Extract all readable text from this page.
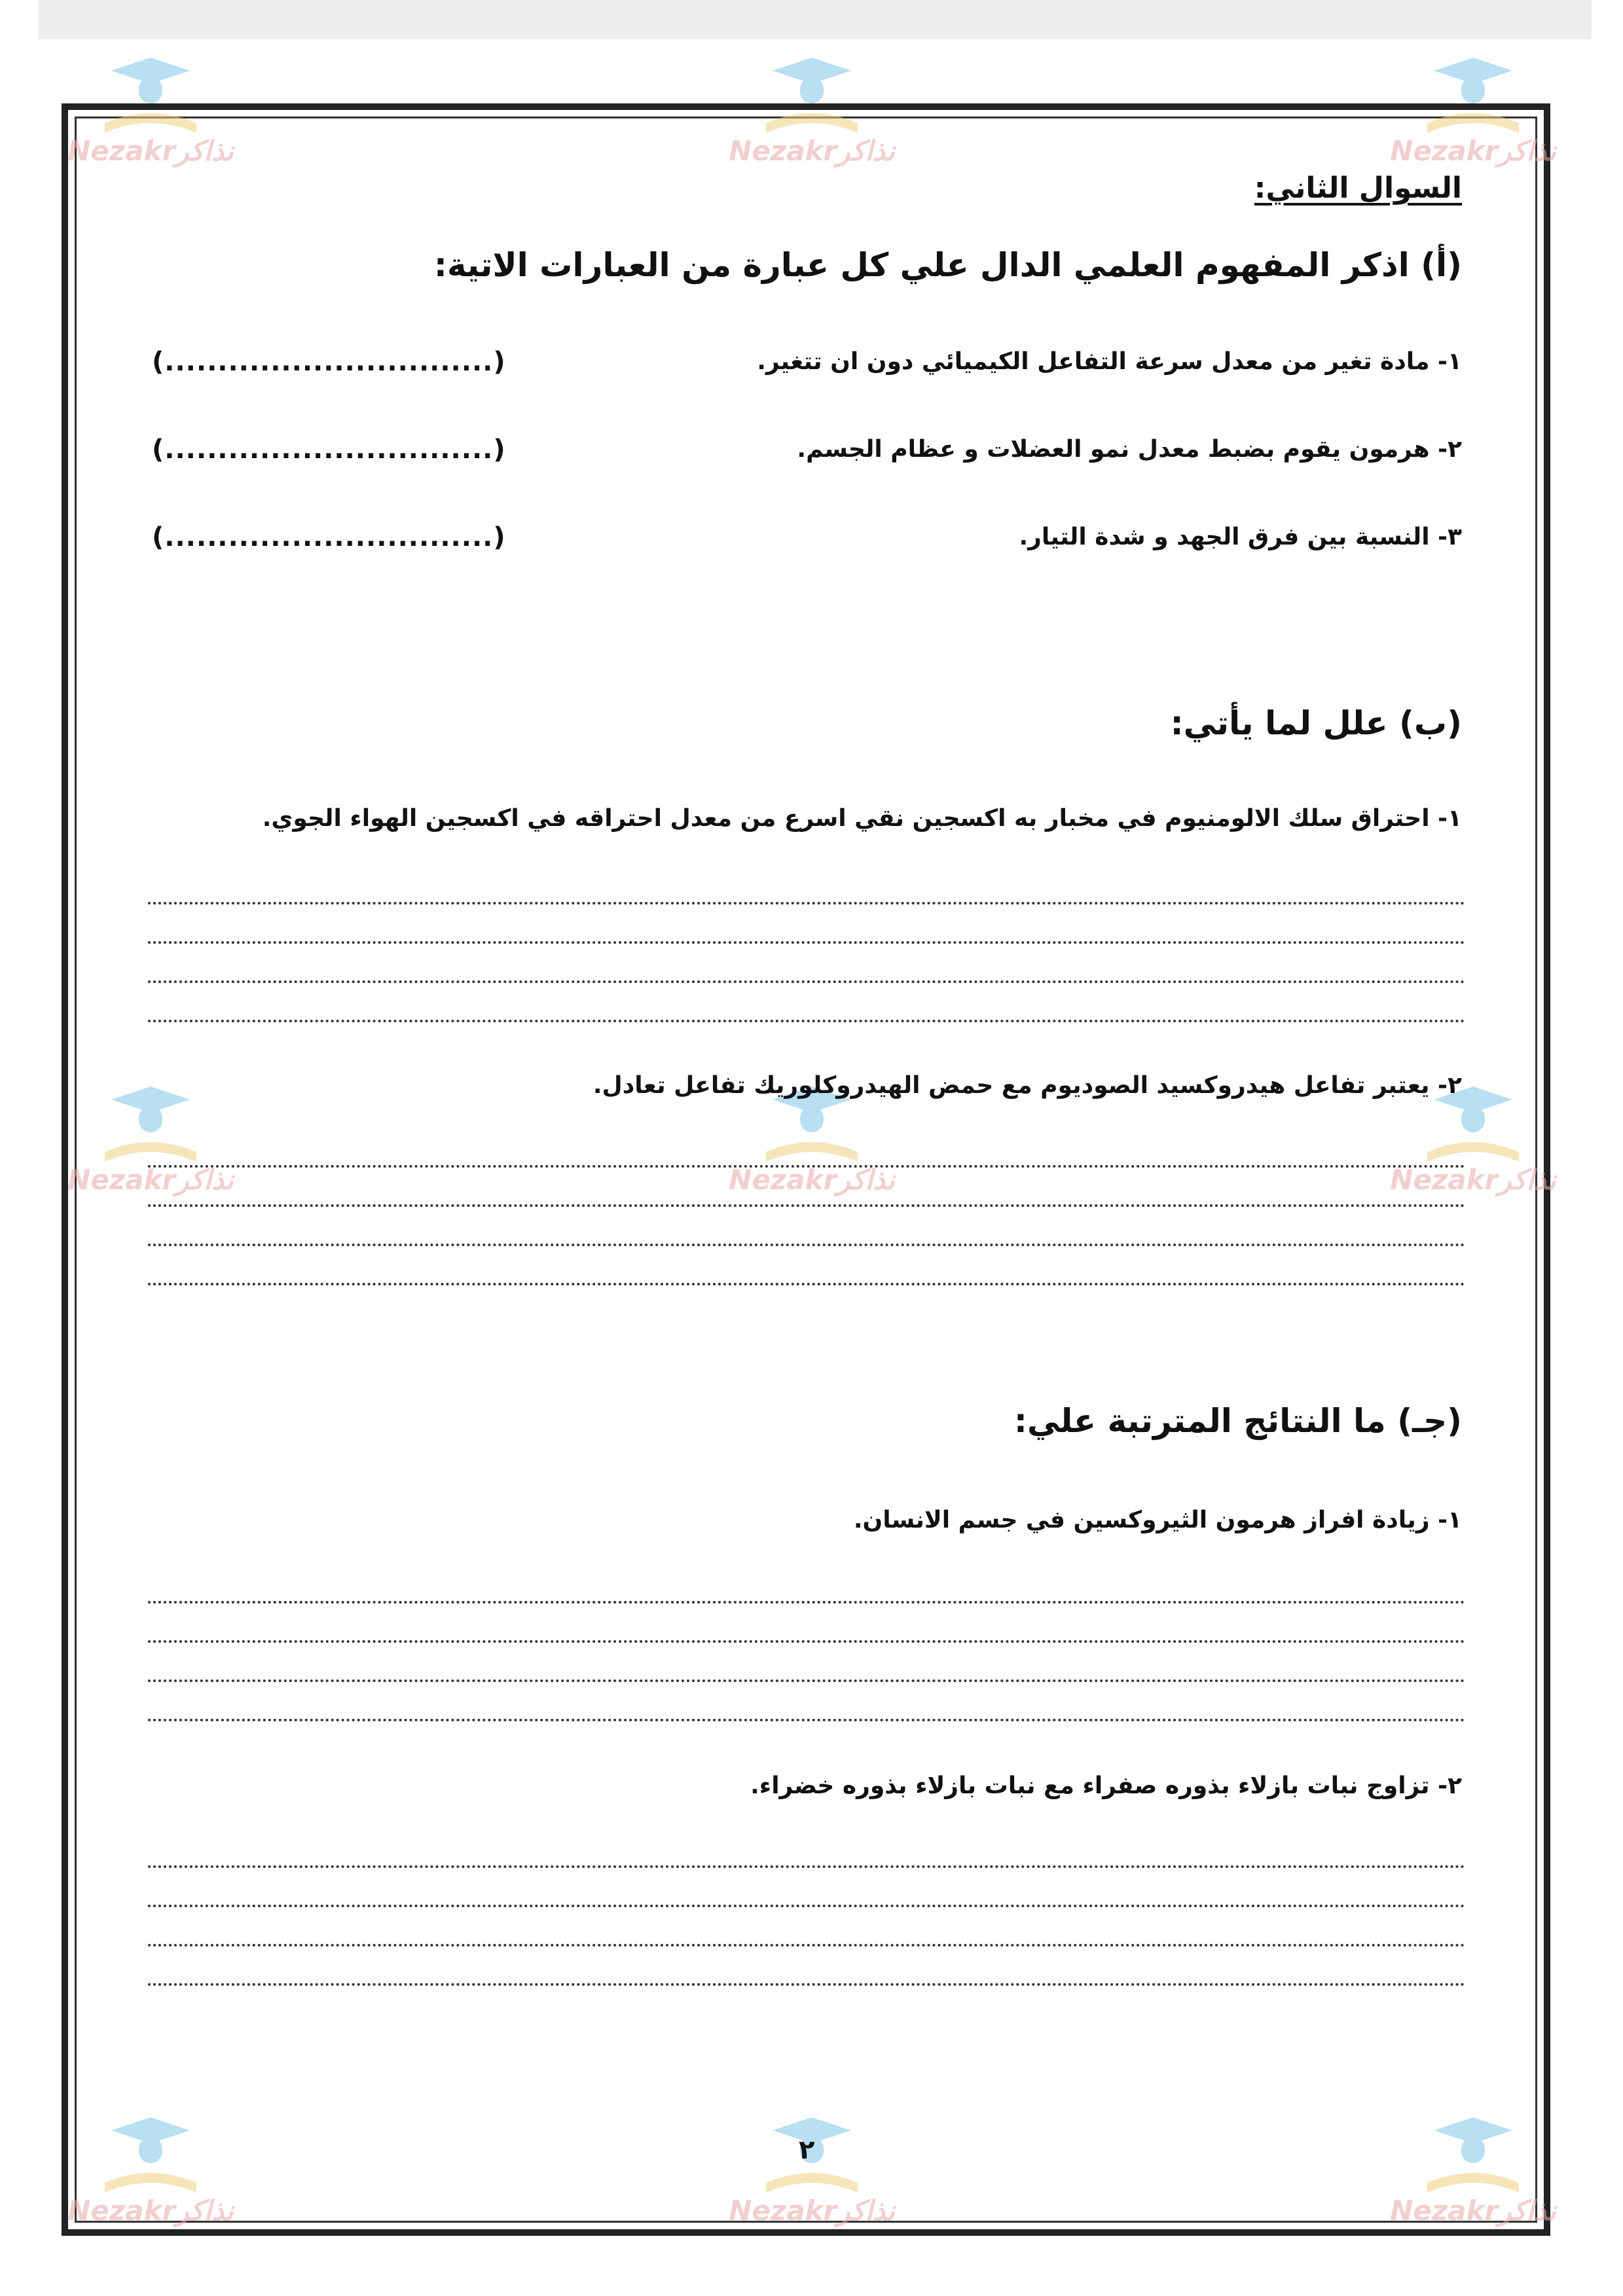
Nezakrنذاكر	Nezakrنذاكر	Nezakrنذاكر
Nezakrنذاكر	Nezakrنذاكر	Nezakrنذاكر
Nezakrنذاكر	Nezakrنذاكر	Nezakrنذاكر
السوال الثاني:
(أ) اذكر المفهوم العلمي الدال علي كل عبارة من العبارات الاتية:
١- مادة تغير من معدل سرعة التفاعل الكيميائي دون ان تتغير.
(...............................)
٢- هرمون يقوم بضبط معدل نمو العضلات و عظام الجسم.
(...............................)
٣- النسبة بين فرق الجهد و شدة التيار.
(...............................)
(ب) علل لما يأتي:
١- احتراق سلك الالومنيوم في مخبار به اكسجين نقي اسرع من معدل احتراقه في اكسجين الهواء الجوي.
٢- يعتبر تفاعل هيدروكسيد الصوديوم مع حمض الهيدروكلوريك تفاعل تعادل.
(جـ) ما النتائج المترتبة علي:
١- زيادة افراز هرمون الثيروكسين في جسم الانسان.
٢- تزاوج نبات بازلاء بذوره صفراء مع نبات بازلاء بذوره خضراء.
٢
